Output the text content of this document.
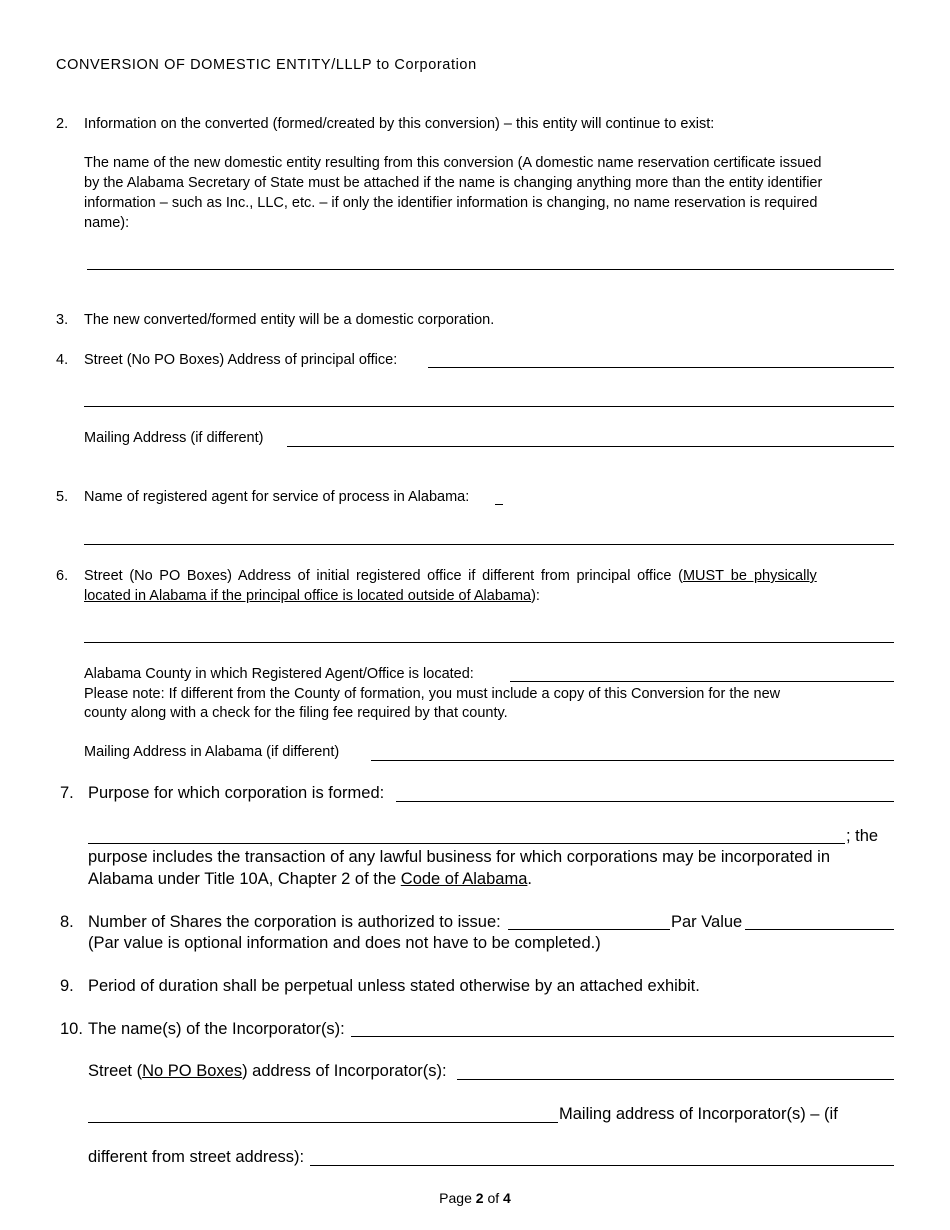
CONVERSION OF DOMESTIC ENTITY/LLLP to Corporation
2. Information on the converted (formed/created by this conversion) – this entity will continue to exist:
The name of the new domestic entity resulting from this conversion (A domestic name reservation certificate issued
by the Alabama Secretary of State must be attached if the name is changing anything more than the entity identifier
information – such as Inc., LLC, etc. – if only the identifier information is changing, no name reservation is required
name):
3. The new converted/formed entity will be a domestic corporation.
4. Street (No PO Boxes) Address of principal office:
Mailing Address (if different)
5. Name of registered agent for service of process in Alabama:
6. Street (No PO Boxes) Address of initial registered office if different from principal office (MUST be physically
located in Alabama if the principal office is located outside of Alabama):
Alabama County in which Registered Agent/Office is located:
Please note: If different from the County of formation, you must include a copy of this Conversion for the new
county along with a check for the filing fee required by that county.
Mailing Address in Alabama (if different)
7. Purpose for which corporation is formed:
; the
purpose includes the transaction of any lawful business for which corporations may be incorporated in
Alabama under Title 10A, Chapter 2 of the Code of Alabama.
8. Number of Shares the corporation is authorized to issue:	Par Value
(Par value is optional information and does not have to be completed.)
9. Period of duration shall be perpetual unless stated otherwise by an attached exhibit.
10. The name(s) of the Incorporator(s):
Street (No PO Boxes) address of Incorporator(s):
Mailing address of Incorporator(s) – (if
different from street address):
Page 2 of 4
